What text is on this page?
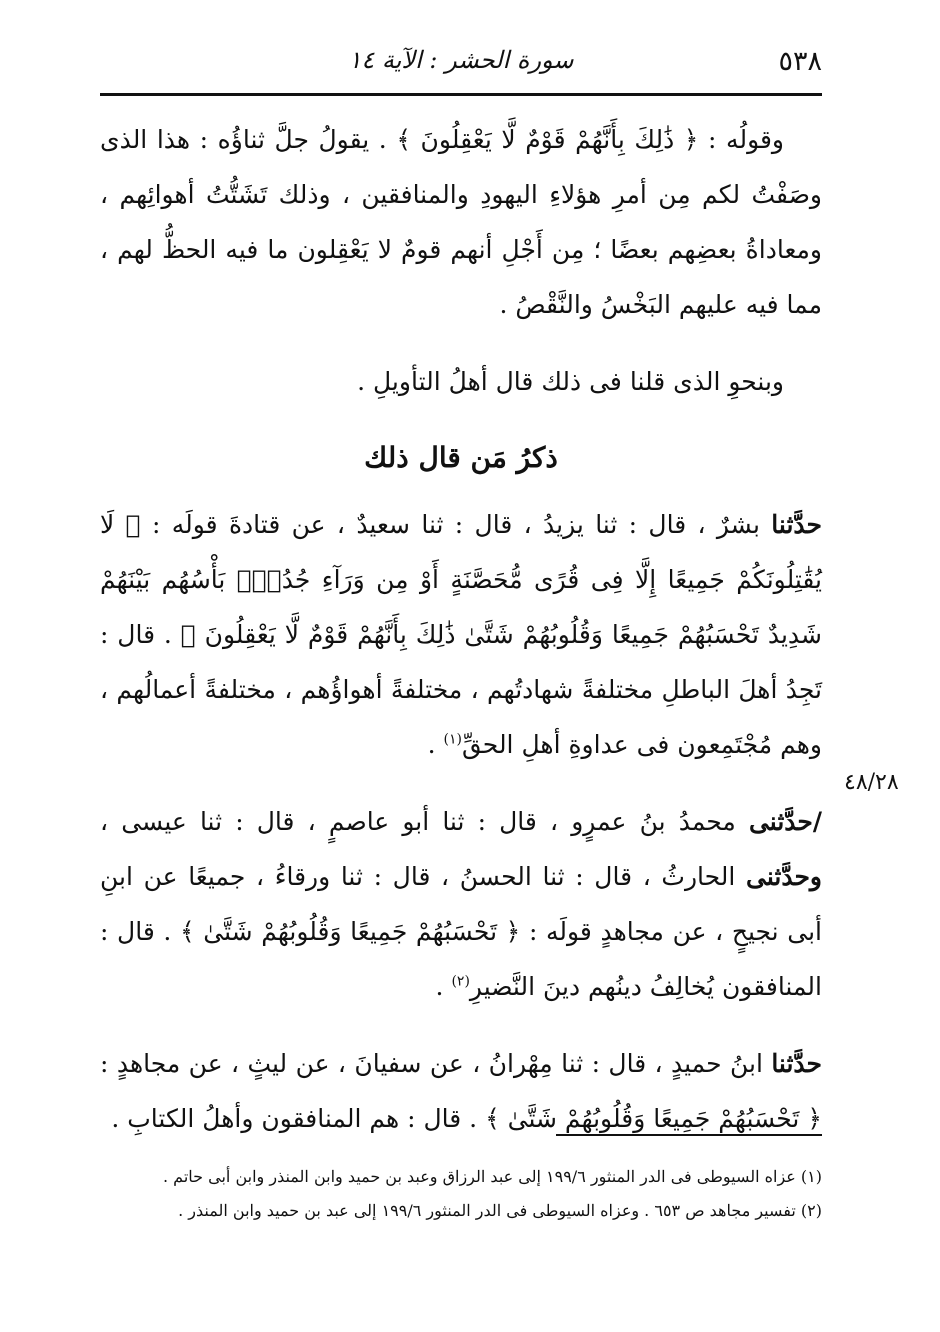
٥٣٨
سورة الحشر : الآية ١٤
٤٨/٢٨

وقولُه : ﴿ ذَٰلِكَ بِأَنَّهُمْ قَوْمٌ لَّا يَعْقِلُونَ ﴾ . يقولُ جلَّ ثناؤُه : هذا الذى وصَفْتُ لكم مِن أمرِ هؤلاءِ اليهودِ والمنافقين ، وذلك تَشَتُّتُ أهوائِهم ، ومعاداةُ بعضِهم بعضًا ؛ مِن أَجْلِ أنهم قومٌ لا يَعْقِلون ما فيه الحظُّ لهم ، مما فيه عليهم البَخْسُ والنَّقْصُ .

وبنحوِ الذى قلنا فى ذلك قال أهلُ التأويلِ .

ذكرُ مَن قال ذلك

حدَّثنا بشرٌ ، قال : ثنا يزيدُ ، قال : ثنا سعيدٌ ، عن قتادةَ قولَه : ﴿ لَا يُقَٰتِلُونَكُمْ جَمِيعًا إِلَّا فِى قُرًى مُّحَصَّنَةٍ أَوْ مِن وَرَآءِ جُدُرٍۭ بَأْسُهُم بَيْنَهُمْ شَدِيدٌ تَحْسَبُهُمْ جَمِيعًا وَقُلُوبُهُمْ شَتَّىٰ ذَٰلِكَ بِأَنَّهُمْ قَوْمٌ لَّا يَعْقِلُونَ ﴾ . قال : تَجِدُ أهلَ الباطلِ مختلفةً شهادتُهم ، مختلفةً أهواؤُهم ، مختلفةً أعمالُهم ، وهم مُجْتَمِعون فى عداوةِ أهلِ الحقِّ$^{(١)}$ .

/حدَّثنى محمدُ بنُ عمرٍو ، قال : ثنا أبو عاصمٍ ، قال : ثنا عيسى ، وحدَّثنى الحارثُ ، قال : ثنا الحسنُ ، قال : ثنا ورقاءُ ، جميعًا عن ابنِ أبى نجيحٍ ، عن مجاهدٍ قولَه : ﴿ تَحْسَبُهُمْ جَمِيعًا وَقُلُوبُهُمْ شَتَّىٰ ﴾ . قال : المنافقون يُخالِفُ دينُهم دينَ النَّضيرِ$^{(٢)}$ .

حدَّثنا ابنُ حميدٍ ، قال : ثنا مِهْرانُ ، عن سفيانَ ، عن ليثٍ ، عن مجاهدٍ : ﴿ تَحْسَبُهُمْ جَمِيعًا وَقُلُوبُهُمْ شَتَّىٰ ﴾ . قال : هم المنافقون وأهلُ الكتابِ .

(١) عزاه السيوطى فى الدر المنثور ١٩٩/٦ إلى عبد الرزاق وعبد بن حميد وابن المنذر وابن أبى حاتم .

(٢) تفسير مجاهد ص ٦٥٣ . وعزاه السيوطى فى الدر المنثور ١٩٩/٦ إلى عبد بن حميد وابن المنذر .
